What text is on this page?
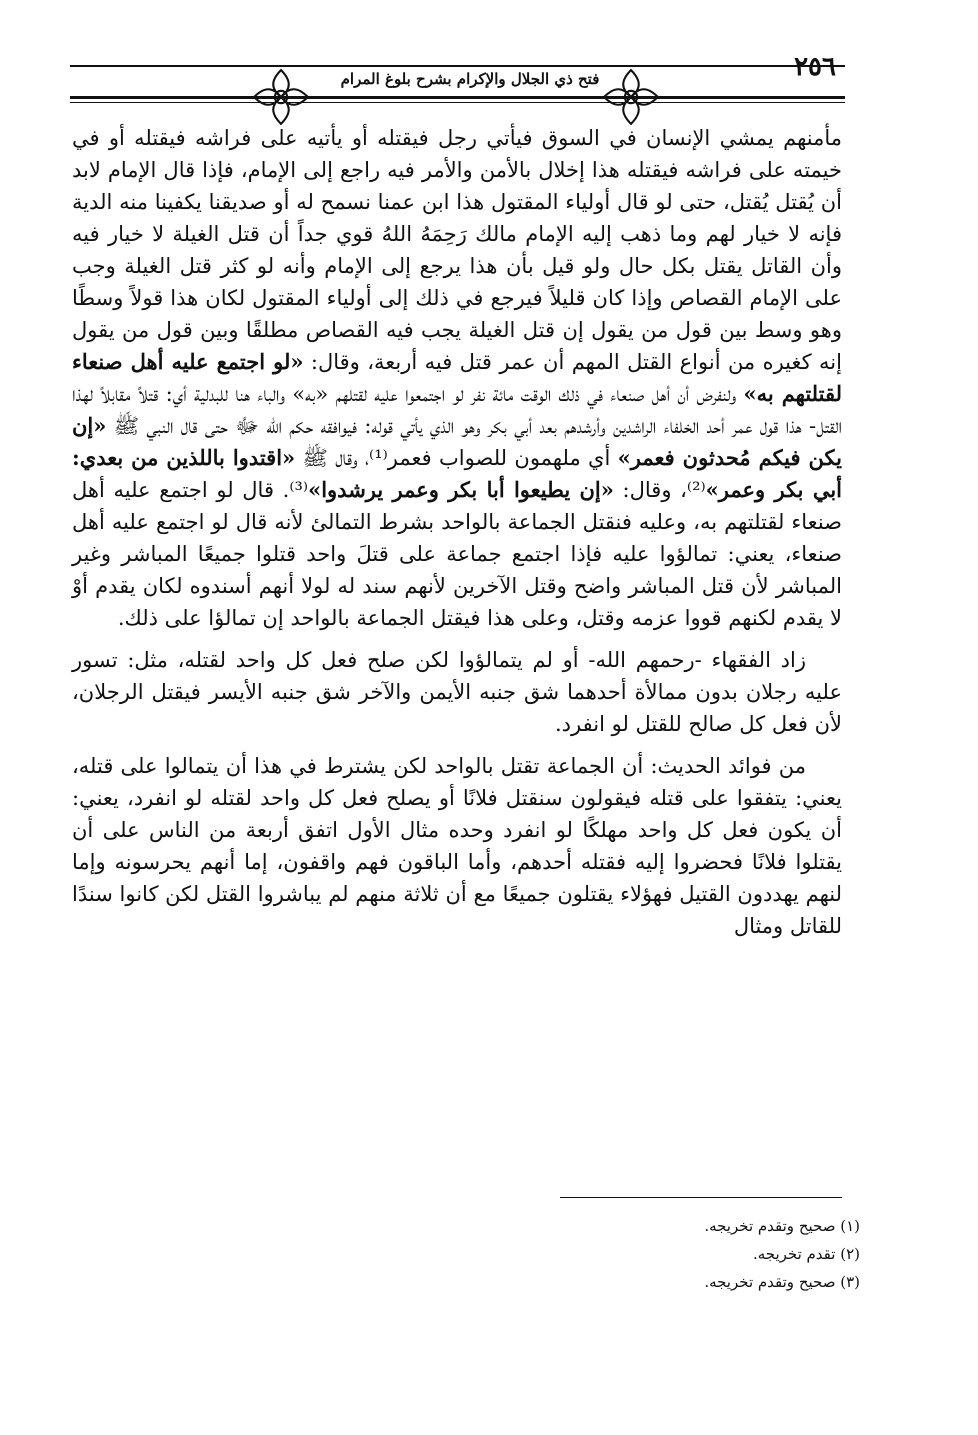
فتح ذي الجلال والإكرام بشرح بلوغ المرام	٢٥٦

مأمنهم يمشي الإنسان في السوق فيأتي رجل فيقتله أو يأتيه على فراشه فيقتله أو في خيمته على فراشه فيقتله هذا إخلال بالأمن والأمر فيه راجع إلى الإمام، فإذا قال الإمام لابد أن يُقتل يُقتل، حتى لو قال أولياء المقتول هذا ابن عمنا نسمح له أو صديقنا يكفينا منه الدية فإنه لا خيار لهم وما ذهب إليه الإمام مالك رَحِمَهُ اللهُ قوي جداً أن قتل الغيلة لا خيار فيه وأن القاتل يقتل بكل حال ولو قيل بأن هذا يرجع إلى الإمام وأنه لو كثر قتل الغيلة وجب على الإمام القصاص وإذا كان قليلاً فيرجع في ذلك إلى أولياء المقتول لكان هذا قولاً وسطًا وهو وسط بين قول من يقول إن قتل الغيلة يجب فيه القصاص مطلقًا وبين قول من يقول إنه كغيره من أنواع القتل المهم أن عمر قتل فيه أربعة، وقال: «لو اجتمع عليه أهل صنعاء لقتلتهم به» ولنفرض أن أهل صنعاء في ذلك الوقت مائة نفر لو اجتمعوا عليه لقتلهم «به» والباء هنا للبدلية أي: قتلاً مقابلاً لهذا القتل- هذا قول عمر أحد الخلفاء الراشدين وأرشدهم بعد أبي بكر وهو الذي يأتي قوله: فيوافقه حكم الله ﷻ حتى قال النبي ﷺ «إن يكن فيكم مُحدثون فعمر» أي ملهمون للصواب فعمر⁽¹⁾، وقال ﷺ «اقتدوا باللذين من بعدي: أبي بكر وعمر»⁽²⁾، وقال: «إن يطيعوا أبا بكر وعمر يرشدوا»⁽³⁾. قال لو اجتمع عليه أهل صنعاء لقتلتهم به، وعليه فنقتل الجماعة بالواحد بشرط التمالئ لأنه قال لو اجتمع عليه أهل صنعاء، يعني: تمالؤوا عليه فإذا اجتمع جماعة على قتلَ واحد قتلوا جميعًا المباشر وغير المباشر لأن قتل المباشر واضح وقتل الآخرين لأنهم سند له لولا أنهم أسندوه لكان يقدم أوْ لا يقدم لكنهم قووا عزمه وقتل، وعلى هذا فيقتل الجماعة بالواحد إن تمالؤا على ذلك.

زاد الفقهاء -رحمهم الله- أو لم يتمالؤوا لكن صلح فعل كل واحد لقتله، مثل: تسور عليه رجلان بدون ممالأة أحدهما شق جنبه الأيمن والآخر شق جنبه الأيسر فيقتل الرجلان، لأن فعل كل صالح للقتل لو انفرد.

من فوائد الحديث: أن الجماعة تقتل بالواحد لكن يشترط في هذا أن يتمالوا على قتله، يعني: يتفقوا على قتله فيقولون سنقتل فلانًا أو يصلح فعل كل واحد لقتله لو انفرد، يعني: أن يكون فعل كل واحد مهلكًا لو انفرد وحده مثال الأول اتفق أربعة من الناس على أن يقتلوا فلانًا فحضروا إليه فقتله أحدهم، وأما الباقون فهم واقفون، إما أنهم يحرسونه وإما لنهم يهددون القتيل فهؤلاء يقتلون جميعًا مع أن ثلاثة منهم لم يباشروا القتل لكن كانوا سندًا للقاتل ومثال

(١) صحيح وتقدم تخريجه.
(٢) تقدم تخريجه.
(٣) صحيح وتقدم تخريجه.
